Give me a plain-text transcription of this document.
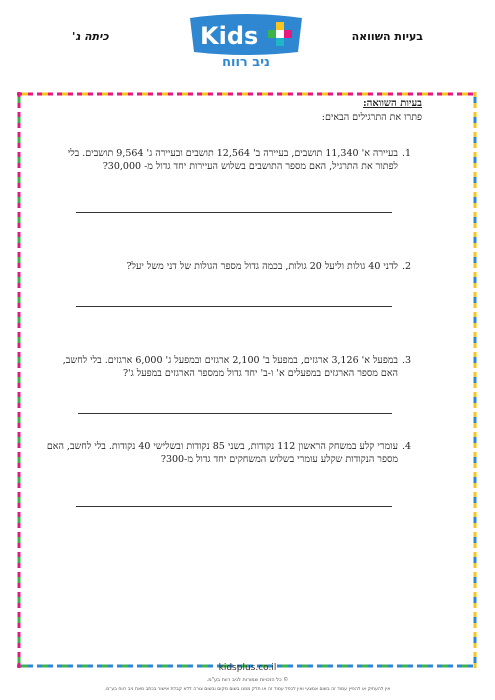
כיתה ג'	בעיות השוואה
Kids
ניב רווח
בעיות השוואה:
פתרו את התרגילים הבאים:
.1
בעיירה א' 11,340 תושבים, בעיירה ב' 12,564 תושבים ובעיירה ג' 9,564 תושבים. בלי לפתור את התרגיל, האם מספר התושבים בשלוש העיירות יחד גדול מ- 30,000?
.2
לדני 40 גולות וליעל 20 גולות, בכמה גדול מספר הגולות של דני משל יעל?
.3
במפעל א' 3,126 ארגזים, במפעל ב' 2,100 ארגזים ובמפעל ג' 6,000 ארגזים. בלי לחשב, האם מספר הארגזים במפעלים א' ו-ב' יחד גדול ממספר הארגזים במפעל ג'?
.4
עומרי קלע במשחק הראשון 112 נקודות, בשני 85 נקודות ובשלישי 40 נקודות. בלי לחשב, האם מספר הנקודות שקלע עומרי בשלוש המשחקים יחד גדול מ-300?
kidsplus.co.il
© כל הזכויות שמורות לניב רווח בע"מ.
אין להעתיק או להפיץ עמוד זה בשום אמצעי ואין לכפל עמוד זה או חלק ממנו בשום מקום ובשום צורה ללא קבלת אישור בכתב מאת ניב רווח בע"מ.
